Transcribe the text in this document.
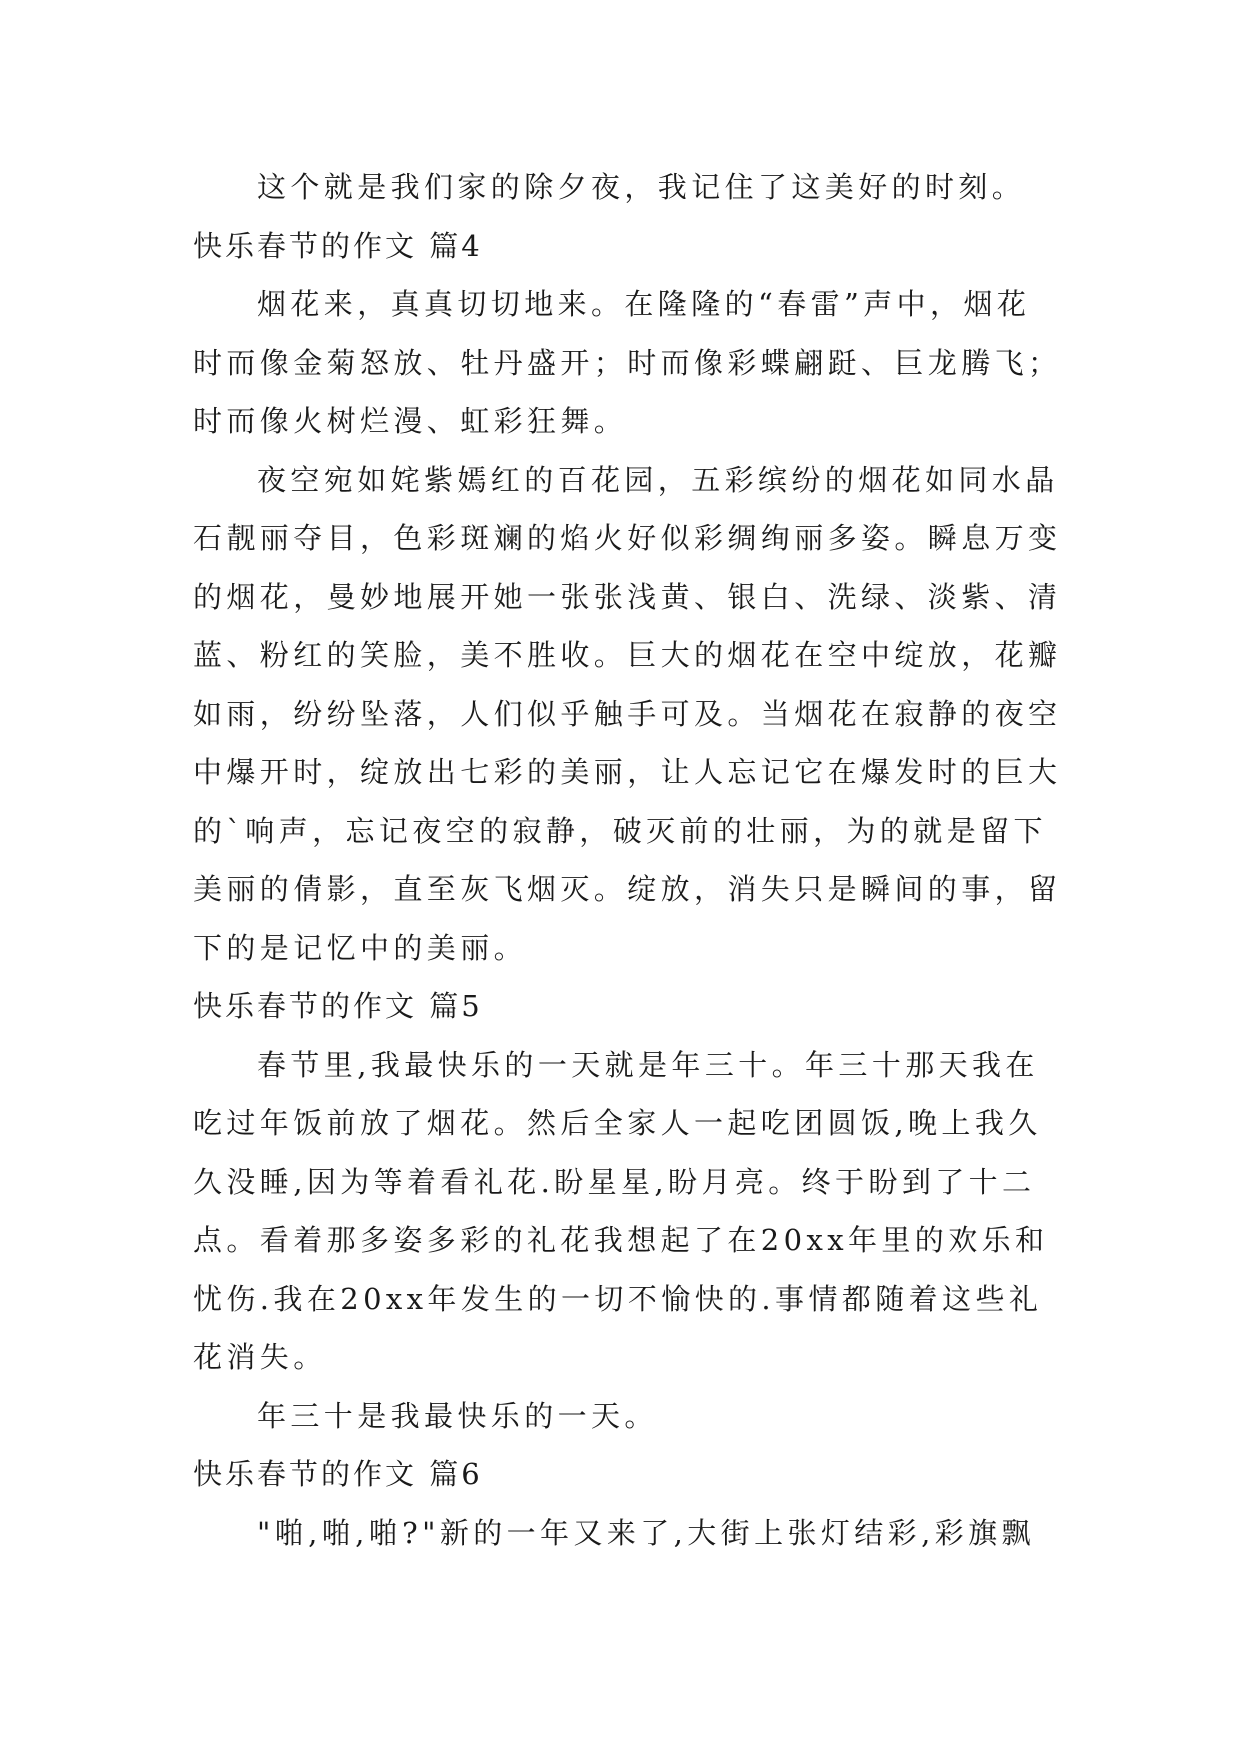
这个就是我们家的除夕夜，我记住了这美好的时刻。

快乐春节的作文 篇4

烟花来，真真切切地来。在隆隆的“春雷”声中，烟花
时而像金菊怒放、牡丹盛开；时而像彩蝶翩跹、巨龙腾飞；
时而像火树烂漫、虹彩狂舞。

夜空宛如姹紫嫣红的百花园，五彩缤纷的烟花如同水晶
石靓丽夺目，色彩斑斓的焰火好似彩绸绚丽多姿。瞬息万变
的烟花，曼妙地展开她一张张浅黄、银白、洗绿、淡紫、清
蓝、粉红的笑脸，美不胜收。巨大的烟花在空中绽放，花瓣
如雨，纷纷坠落，人们似乎触手可及。当烟花在寂静的夜空
中爆开时，绽放出七彩的美丽，让人忘记它在爆发时的巨大
的`响声，忘记夜空的寂静，破灭前的壮丽，为的就是留下
美丽的倩影，直至灰飞烟灭。绽放，消失只是瞬间的事，留
下的是记忆中的美丽。

快乐春节的作文 篇5

春节里,我最快乐的一天就是年三十。年三十那天我在
吃过年饭前放了烟花。然后全家人一起吃团圆饭,晚上我久
久没睡,因为等着看礼花.盼星星,盼月亮。终于盼到了十二
点。看着那多姿多彩的礼花我想起了在20xx年里的欢乐和
忧伤.我在20xx年发生的一切不愉快的.事情都随着这些礼
花消失。

年三十是我最快乐的一天。

快乐春节的作文 篇6

"啪,啪,啪?"新的一年又来了,大街上张灯结彩,彩旗飘
